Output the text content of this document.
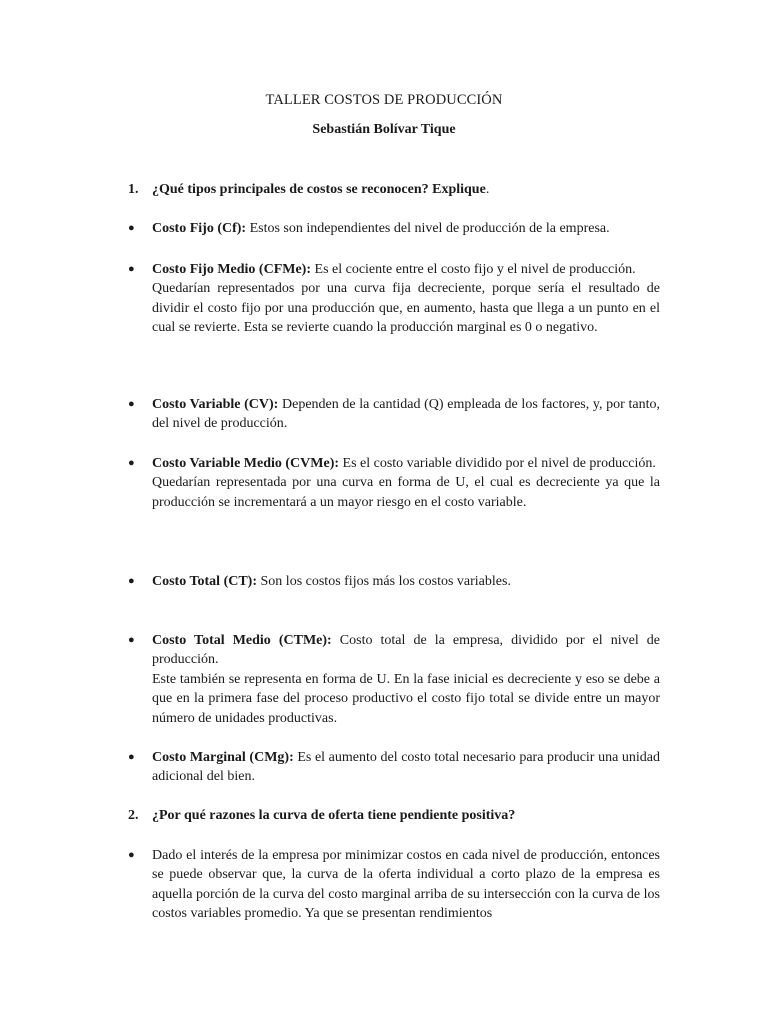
TALLER COSTOS DE PRODUCCIÓN
Sebastián Bolívar Tique
1. ¿Qué tipos principales de costos se reconocen? Explique.
● Costo Fijo (Cf): Estos son independientes del nivel de producción de la empresa.

● Costo Fijo Medio (CFMe): Es el cociente entre el costo fijo y el nivel de producción.

Quedarían representados por una curva fija decreciente, porque sería el resultado de dividir el costo fijo por una producción que, en aumento, hasta que llega a un punto en el cual se revierte. Esta se revierte cuando la producción marginal es 0 o negativo.

● Costo Variable (CV): Dependen de la cantidad (Q) empleada de los factores, y, por tanto, del nivel de producción.

● Costo Variable Medio (CVMe): Es el costo variable dividido por el nivel de producción.

Quedarían representada por una curva en forma de U, el cual es decreciente ya que la producción se incrementará a un mayor riesgo en el costo variable.

● Costo Total (CT): Son los costos fijos más los costos variables.

● Costo Total Medio (CTMe): Costo total de la empresa, dividido por el nivel de producción.

Este también se representa en forma de U. En la fase inicial es decreciente y eso se debe a que en la primera fase del proceso productivo el costo fijo total se divide entre un mayor número de unidades productivas.

● Costo Marginal (CMg): Es el aumento del costo total necesario para producir una unidad adicional del bien.

2. ¿Por qué razones la curva de oferta tiene pendiente positiva?
● Dado el interés de la empresa por minimizar costos en cada nivel de producción, entonces se puede observar que, la curva de la oferta individual a corto plazo de la empresa es aquella porción de la curva del costo marginal arriba de su intersección con la curva de los costos variables promedio. Ya que se presentan rendimientos
